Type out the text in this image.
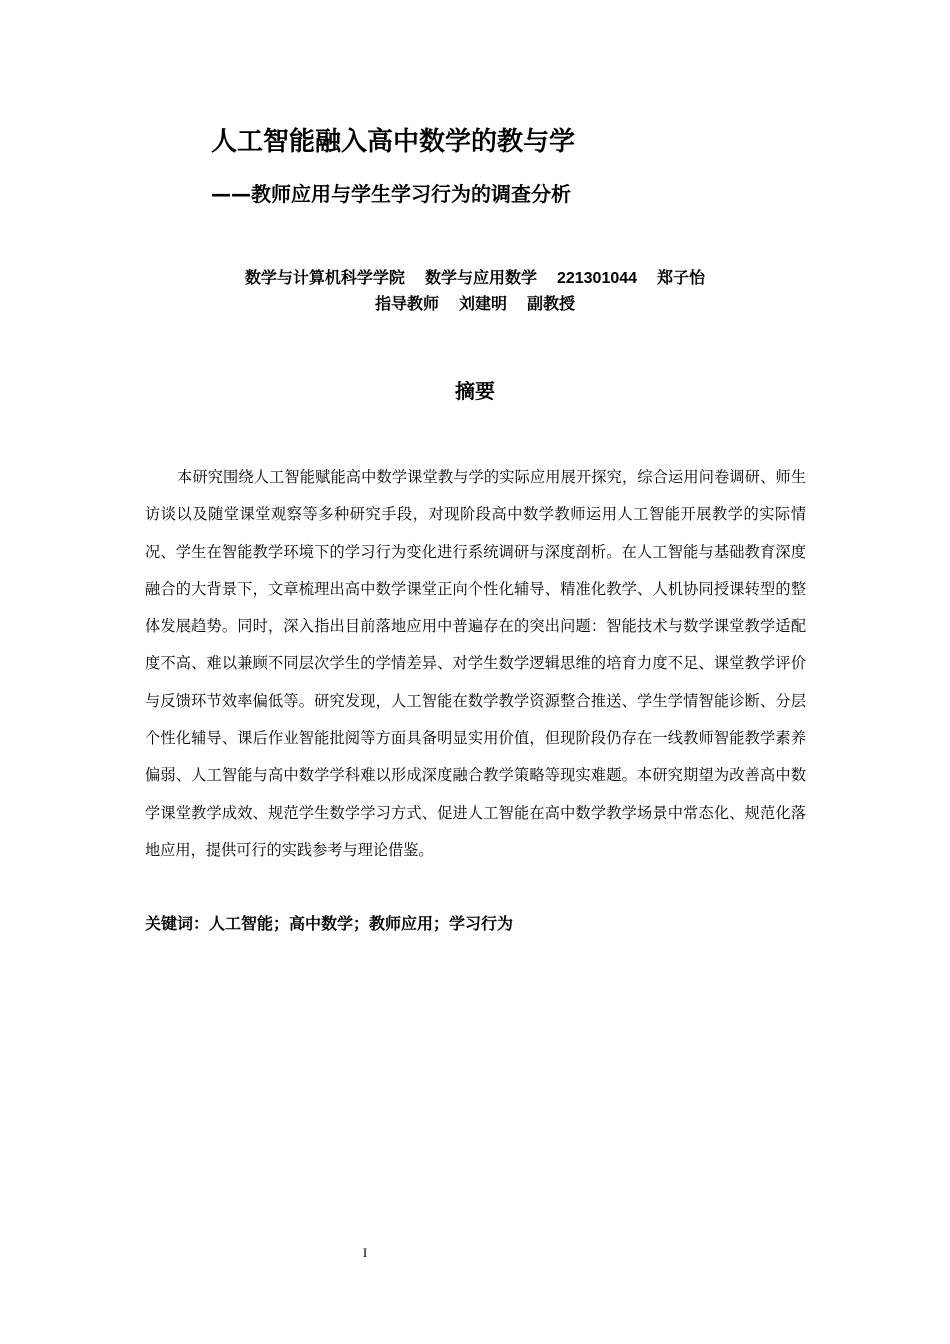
人工智能融入高中数学的教与学
——教师应用与学生学习行为的调查分析
数学与计算机科学学院 数学与应用数学 221301044 郑子怡
指导教师 刘建明 副教授
摘要

本研究围绕人工智能赋能高中数学课堂教与学的实际应用展开探究，综合运用问卷调研、师生访谈以及随堂课堂观察等多种研究手段，对现阶段高中数学教师运用人工智能开展教学的实际情况、学生在智能教学环境下的学习行为变化进行系统调研与深度剖析。在人工智能与基础教育深度融合的大背景下，文章梳理出高中数学课堂正向个性化辅导、精准化教学、人机协同授课转型的整体发展趋势。同时，深入指出目前落地应用中普遍存在的突出问题：智能技术与数学课堂教学适配度不高、难以兼顾不同层次学生的学情差异、对学生数学逻辑思维的培育力度不足、课堂教学评价与反馈环节效率偏低等。研究发现，人工智能在数学教学资源整合推送、学生学情智能诊断、分层个性化辅导、课后作业智能批阅等方面具备明显实用价值，但现阶段仍存在一线教师智能教学素养偏弱、人工智能与高中数学学科难以形成深度融合教学策略等现实难题。本研究期望为改善高中数学课堂教学成效、规范学生数学学习方式、促进人工智能在高中数学教学场景中常态化、规范化落地应用，提供可行的实践参考与理论借鉴。

关键词：人工智能；高中数学；教师应用；学习行为

I
